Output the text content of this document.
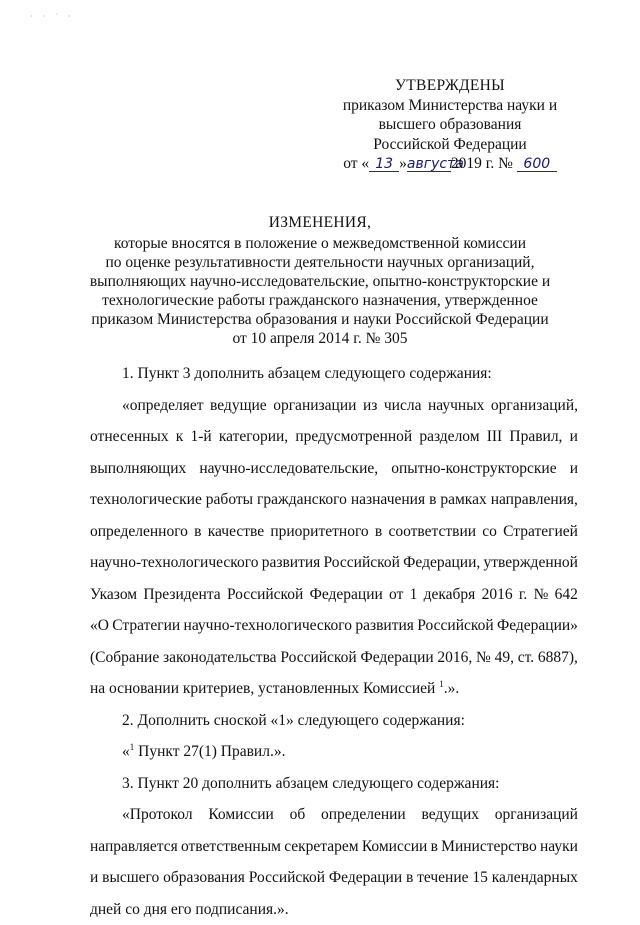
· · ˙ ·
УТВЕРЖДЕНЫ
приказом Министерства науки и
высшего образования
Российской Федерации
от « 13 »августа2019 г. № 600
ИЗМЕНЕНИЯ,
которые вносятся в положение о межведомственной комиссии
по оценке результативности деятельности научных организаций,
выполняющих научно-исследовательские, опытно-конструкторские и
технологические работы гражданского назначения, утвержденное
приказом Министерства образования и науки Российской Федерации
от 10 апреля 2014 г. № 305
1. Пункт 3 дополнить абзацем следующего содержания:
«определяет ведущие организации из числа научных организаций,
отнесенных к 1-й категории, предусмотренной разделом III Правил, и
выполняющих научно-исследовательские, опытно-конструкторские и
технологические работы гражданского назначения в рамках направления,
определенного в качестве приоритетного в соответствии со Стратегией
научно-технологического развития Российской Федерации, утвержденной
Указом Президента Российской Федерации от 1 декабря 2016 г. № 642
«О Стратегии научно-технологического развития Российской Федерации»
(Собрание законодательства Российской Федерации 2016, № 49, ст. 6887),
на основании критериев, установленных Комиссией $^1$.».
2. Дополнить сноской «1» следующего содержания:
«$^1$ Пункт 27(1) Правил.».
3. Пункт 20 дополнить абзацем следующего содержания:
«Протокол Комиссии об определении ведущих организаций
направляется ответственным секретарем Комиссии в Министерство науки
и высшего образования Российской Федерации в течение 15 календарных
дней со дня его подписания.».
